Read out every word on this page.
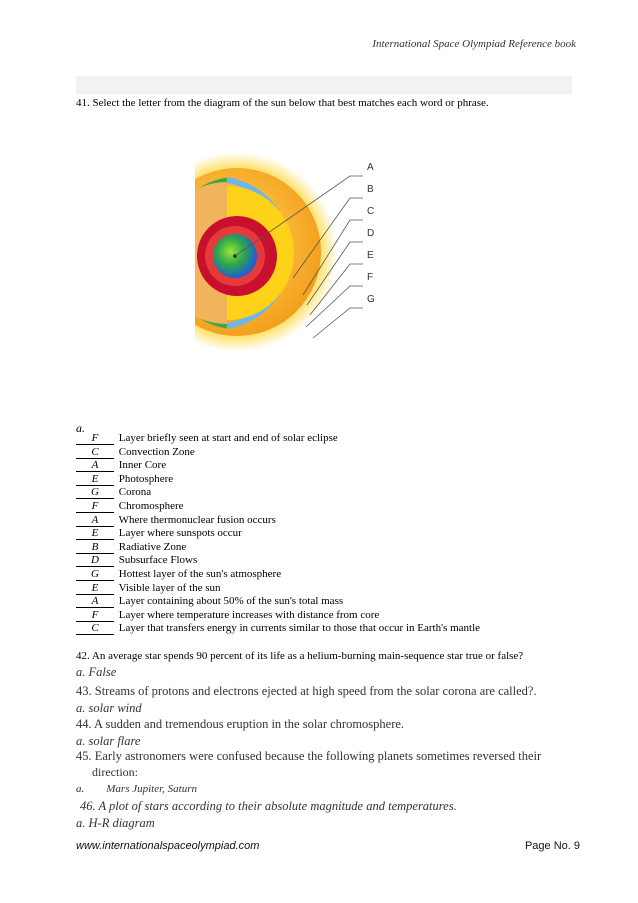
International Space Olympiad Reference book
41. Select the letter from the diagram of the sun below that best matches each word or phrase.
A
B
C
D
E
F
G
a.
F Layer briefly seen at start and end of solar eclipse
C Convection Zone
A Inner Core
E Photosphere
G Corona
F Chromosphere
A Where thermonuclear fusion occurs
E Layer where sunspots occur
B Radiative Zone
D Subsurface Flows
G Hottest layer of the sun's atmosphere
E Visible layer of the sun
A Layer containing about 50% of the sun's total mass
F Layer where temperature increases with distance from core
C Layer that transfers energy in currents similar to those that occur in Earth's mantle
42. An average star spends 90 percent of its life as a helium-burning main-sequence star true or false?
a. False
43. Streams of protons and electrons ejected at high speed from the solar corona are called?.
a. solar wind
44. A sudden and tremendous eruption in the solar chromosphere.
a. solar flare
45. Early astronomers were confused because the following planets sometimes reversed their
direction:
a.        Mars Jupiter, Saturn
46. A plot of stars according to their absolute magnitude and temperatures.
a. H-R diagram
www.internationalspaceolympiad.com	Page No. 9
